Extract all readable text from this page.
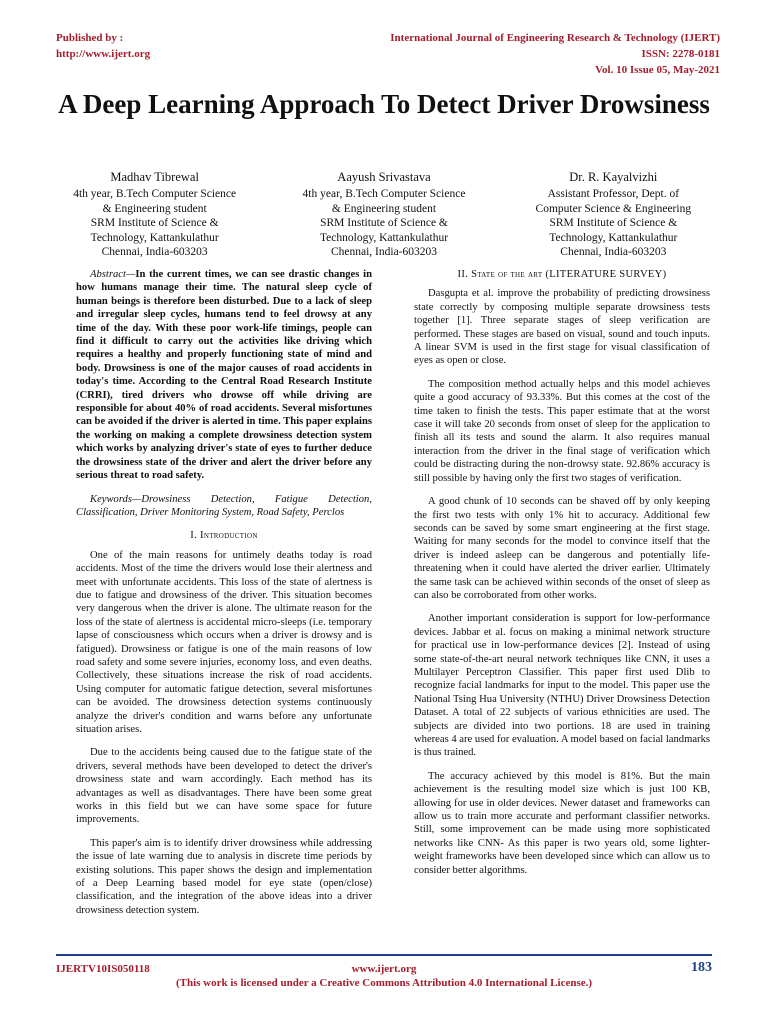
Published by :
http://www.ijert.org
International Journal of Engineering Research & Technology (IJERT)
ISSN: 2278-0181
Vol. 10 Issue 05, May-2021
A Deep Learning Approach To Detect Driver Drowsiness
Madhav Tibrewal
4th year, B.Tech Computer Science
& Engineering student
SRM Institute of Science &
Technology, Kattankulathur
Chennai, India-603203
Aayush Srivastava
4th year, B.Tech Computer Science
& Engineering student
SRM Institute of Science &
Technology, Kattankulathur
Chennai, India-603203
Dr. R. Kayalvizhi
Assistant Professor, Dept. of
Computer Science & Engineering
SRM Institute of Science &
Technology, Kattankulathur
Chennai, India-603203

Abstract—In the current times, we can see drastic changes in how humans manage their time. The natural sleep cycle of human beings is therefore been disturbed. Due to a lack of sleep and irregular sleep cycles, humans tend to feel drowsy at any time of the day. With these poor work-life timings, people can find it difficult to carry out the activities like driving which requires a healthy and properly functioning state of mind and body. Drowsiness is one of the major causes of road accidents in today's time. According to the Central Road Research Institute (CRRI), tired drivers who drowse off while driving are responsible for about 40% of road accidents. Several misfortunes can be avoided if the driver is alerted in time. This paper explains the working on making a complete drowsiness detection system which works by analyzing driver's state of eyes to further deduce the drowsiness state of the driver and alert the driver before any serious threat to road safety.

Keywords—Drowsiness Detection, Fatigue Detection, Classification, Driver Monitoring System, Road Safety, Perclos

I. Introduction

One of the main reasons for untimely deaths today is road accidents. Most of the time the drivers would lose their alertness and meet with unfortunate accidents. This loss of the state of alertness is due to fatigue and drowsiness of the driver. This situation becomes very dangerous when the driver is alone. The ultimate reason for the loss of the state of alertness is accidental micro-sleeps (i.e. temporary lapse of consciousness which occurs when a driver is drowsy and is fatigued). Drowsiness or fatigue is one of the main reasons of low road safety and some severe injuries, economy loss, and even deaths. Collectively, these situations increase the risk of road accidents. Using computer for automatic fatigue detection, several misfortunes can be avoided. The drowsiness detection systems continuously analyze the driver's condition and warns before any unfortunate situation arises.

Due to the accidents being caused due to the fatigue state of the drivers, several methods have been developed to detect the driver's drowsiness state and warn accordingly. Each method has its advantages as well as disadvantages. There have been some great works in this field but we can have some space for future improvements.

This paper's aim is to identify driver drowsiness while addressing the issue of late warning due to analysis in discrete time periods by existing solutions. This paper shows the design and implementation of a Deep Learning based model for eye state (open/close) classification, and the integration of the above ideas into a driver drowsiness detection system.

II. State of the art (LITERATURE SURVEY)

Dasgupta et al. improve the probability of predicting drowsiness state correctly by composing multiple separate drowsiness tests together [1]. Three separate stages of sleep verification are performed. These stages are based on visual, sound and touch inputs. A linear SVM is used in the first stage for visual classification of eyes as open or close.

The composition method actually helps and this model achieves quite a good accuracy of 93.33%. But this comes at the cost of the time taken to finish the tests. This paper estimate that at the worst case it will take 20 seconds from onset of sleep for the application to finish all its tests and sound the alarm. It also requires manual interaction from the driver in the final stage of verification which could be distracting during the non-drowsy state. 92.86% accuracy is still possible by having only the first two stages of verification.

A good chunk of 10 seconds can be shaved off by only keeping the first two tests with only 1% hit to accuracy. Additional few seconds can be saved by some smart engineering at the first stage. Waiting for many seconds for the model to convince itself that the driver is indeed asleep can be dangerous and potentially life-threatening when it could have alerted the driver earlier. Ultimately the same task can be achieved within seconds of the onset of sleep as can also be corroborated from other works.

Another important consideration is support for low-performance devices. Jabbar et al. focus on making a minimal network structure for practical use in low-performance devices [2]. Instead of using some state-of-the-art neural network techniques like CNN, it uses a Multilayer Perceptron Classifier. This paper first used Dlib to recognize facial landmarks for input to the model. This paper use the National Tsing Hua University (NTHU) Driver Drowsiness Detection Dataset. A total of 22 subjects of various ethnicities are used. The subjects are divided into two portions. 18 are used in training whereas 4 are used for evaluation. A model based on facial landmarks is thus trained.

The accuracy achieved by this model is 81%. But the main achievement is the resulting model size which is just 100 KB, allowing for use in older devices. Newer dataset and frameworks can allow us to train more accurate and performant classifier networks. Still, some improvement can be made using more sophisticated networks like CNN- As this paper is two years old, some lighter-weight frameworks have been developed since which can allow us to consider better algorithms.

IJERTV10IS050118	www.ijert.org	183
(This work is licensed under a Creative Commons Attribution 4.0 International License.)
